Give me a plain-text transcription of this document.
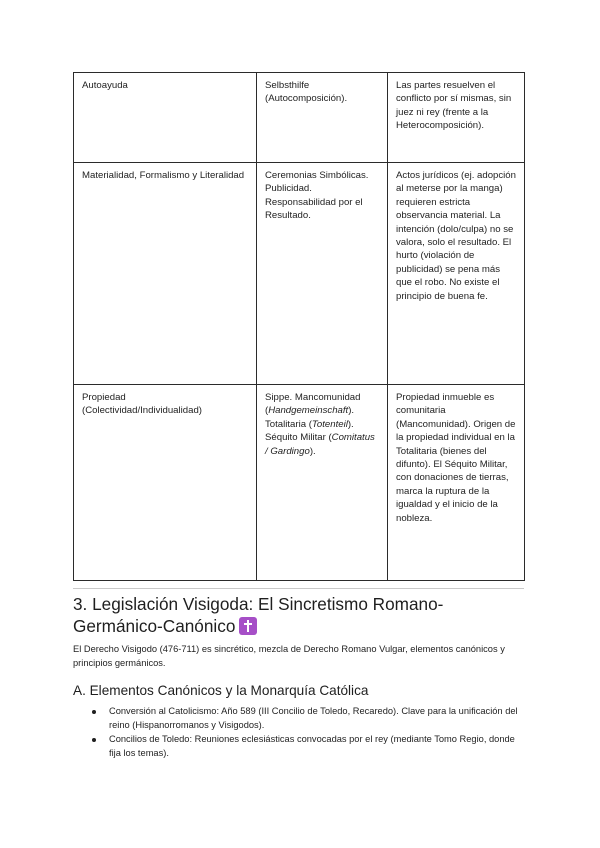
Autoayuda	Selbsthilfe (Autocomposición).	Las partes resuelven el conflicto por sí mismas, sin juez ni rey (frente a la Heterocomposición).

Materialidad, Formalismo y Literalidad	Ceremonias Simbólicas. Publicidad. Responsabilidad por el Resultado.	Actos jurídicos (ej. adopción al meterse por la manga) requieren estricta observancia material. La intención (dolo/culpa) no se valora, solo el resultado. El hurto (violación de publicidad) se pena más que el robo. No existe el principio de buena fe.

Propiedad (Colectividad/Individualidad)	Sippe. Mancomunidad (Handgemeinschaft). Totalitaria (Totenteil). Séquito Militar (Comitatus / Gardingo).	Propiedad inmueble es comunitaria (Mancomunidad). Origen de la propiedad individual en la Totalitaria (bienes del difunto). El Séquito Militar, con donaciones de tierras, marca la ruptura de la igualdad y el inicio de la nobleza.
3. Legislación Visigoda: El Sincretismo Romano-Germánico-Canónico

El Derecho Visigodo (476-711) es sincrético, mezcla de Derecho Romano Vulgar, elementos canónicos y principios germánicos.

A. Elementos Canónicos y la Monarquía Católica
Conversión al Catolicismo: Año 589 (III Concilio de Toledo, Recaredo). Clave para la unificación del reino (Hispanorromanos y Visigodos).
Concilios de Toledo: Reuniones eclesiásticas convocadas por el rey (mediante Tomo Regio, donde fija los temas).
